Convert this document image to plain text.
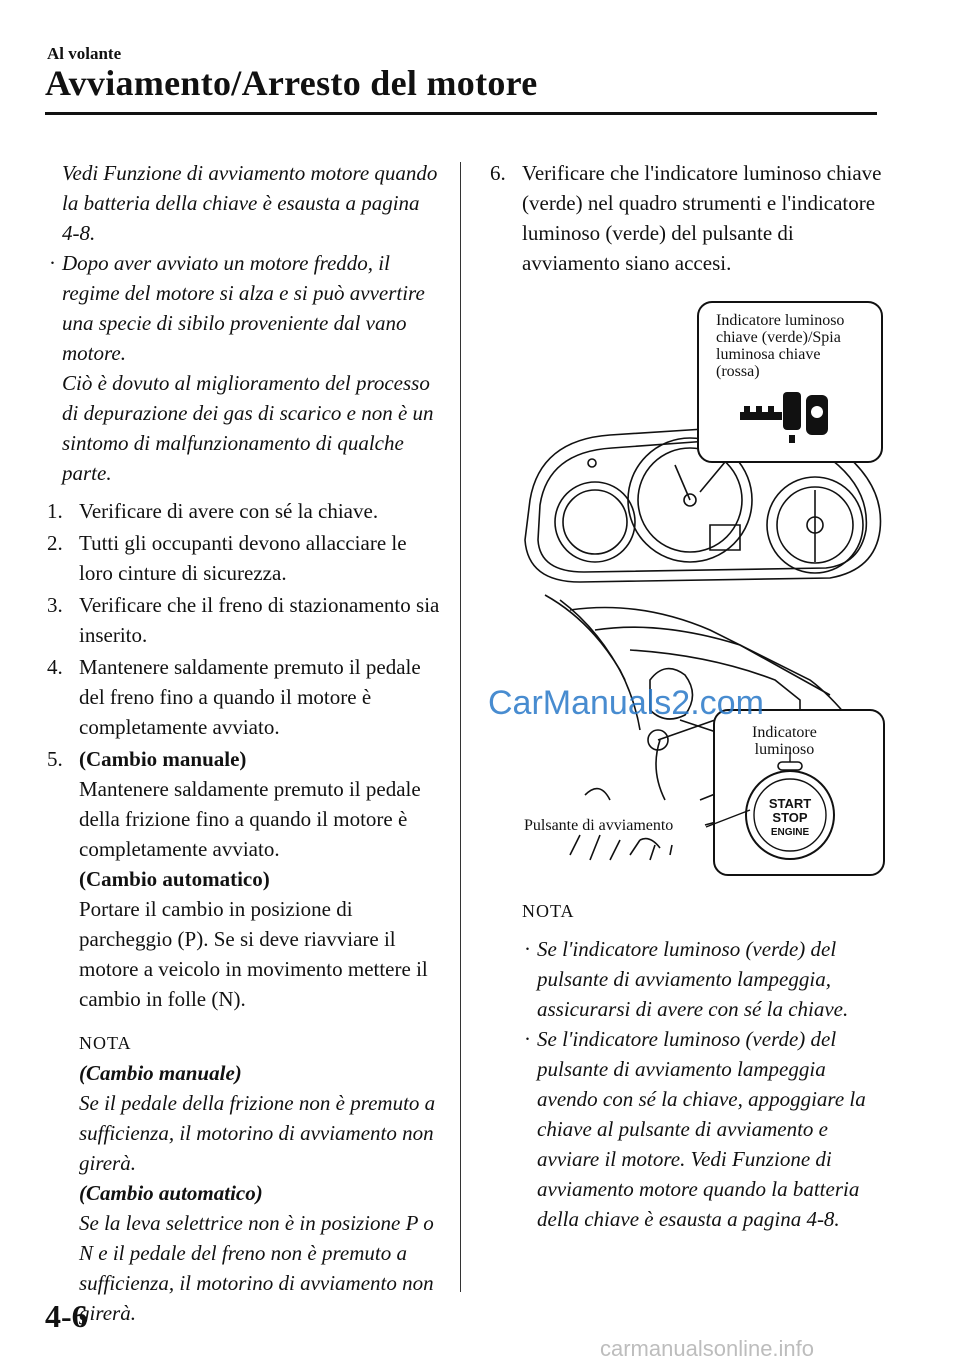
Al volante
Avviamento/Arresto del motore
Vedi Funzione di avviamento motore quando la batteria della chiave è esausta a pagina 4-8.
· Dopo aver avviato un motore freddo, il regime del motore si alza e si può avvertire una specie di sibilo proveniente dal vano motore.
Ciò è dovuto al miglioramento del processo di depurazione dei gas di scarico e non è un sintomo di malfunzionamento di qualche parte.
1. Verificare di avere con sé la chiave.
2. Tutti gli occupanti devono allacciare le loro cinture di sicurezza.
3. Verificare che il freno di stazionamento sia inserito.
4. Mantenere saldamente premuto il pedale del freno fino a quando il motore è completamente avviato.
5. (Cambio manuale)
Mantenere saldamente premuto il pedale della frizione fino a quando il motore è completamente avviato.
(Cambio automatico)
Portare il cambio in posizione di parcheggio (P). Se si deve riavviare il motore a veicolo in movimento mettere il cambio in folle (N).
NOTA
(Cambio manuale)
Se il pedale della frizione non è premuto a sufficienza, il motorino di avviamento non girerà.
(Cambio automatico)
Se la leva selettrice non è in posizione P o N e il pedale del freno non è premuto a sufficienza, il motorino di avviamento non girerà.
6. Verificare che l'indicatore luminoso chiave (verde) nel quadro strumenti e l'indicatore luminoso (verde) del pulsante di avviamento siano accesi.
START
STOP
ENGINE
Indicatore luminoso
chiave (verde)/Spia
luminosa chiave
(rossa)
Indicatore
luminoso
Pulsante di avviamento
NOTA
· Se l'indicatore luminoso (verde) del pulsante di avviamento lampeggia, assicurarsi di avere con sé la chiave.
· Se l'indicatore luminoso (verde) del pulsante di avviamento lampeggia avendo con sé la chiave, appoggiare la chiave al pulsante di avviamento e avviare il motore. Vedi Funzione di avviamento motore quando la batteria della chiave è esausta a pagina 4-8.
CarManuals2.com
4-6
carmanualsonline.info
